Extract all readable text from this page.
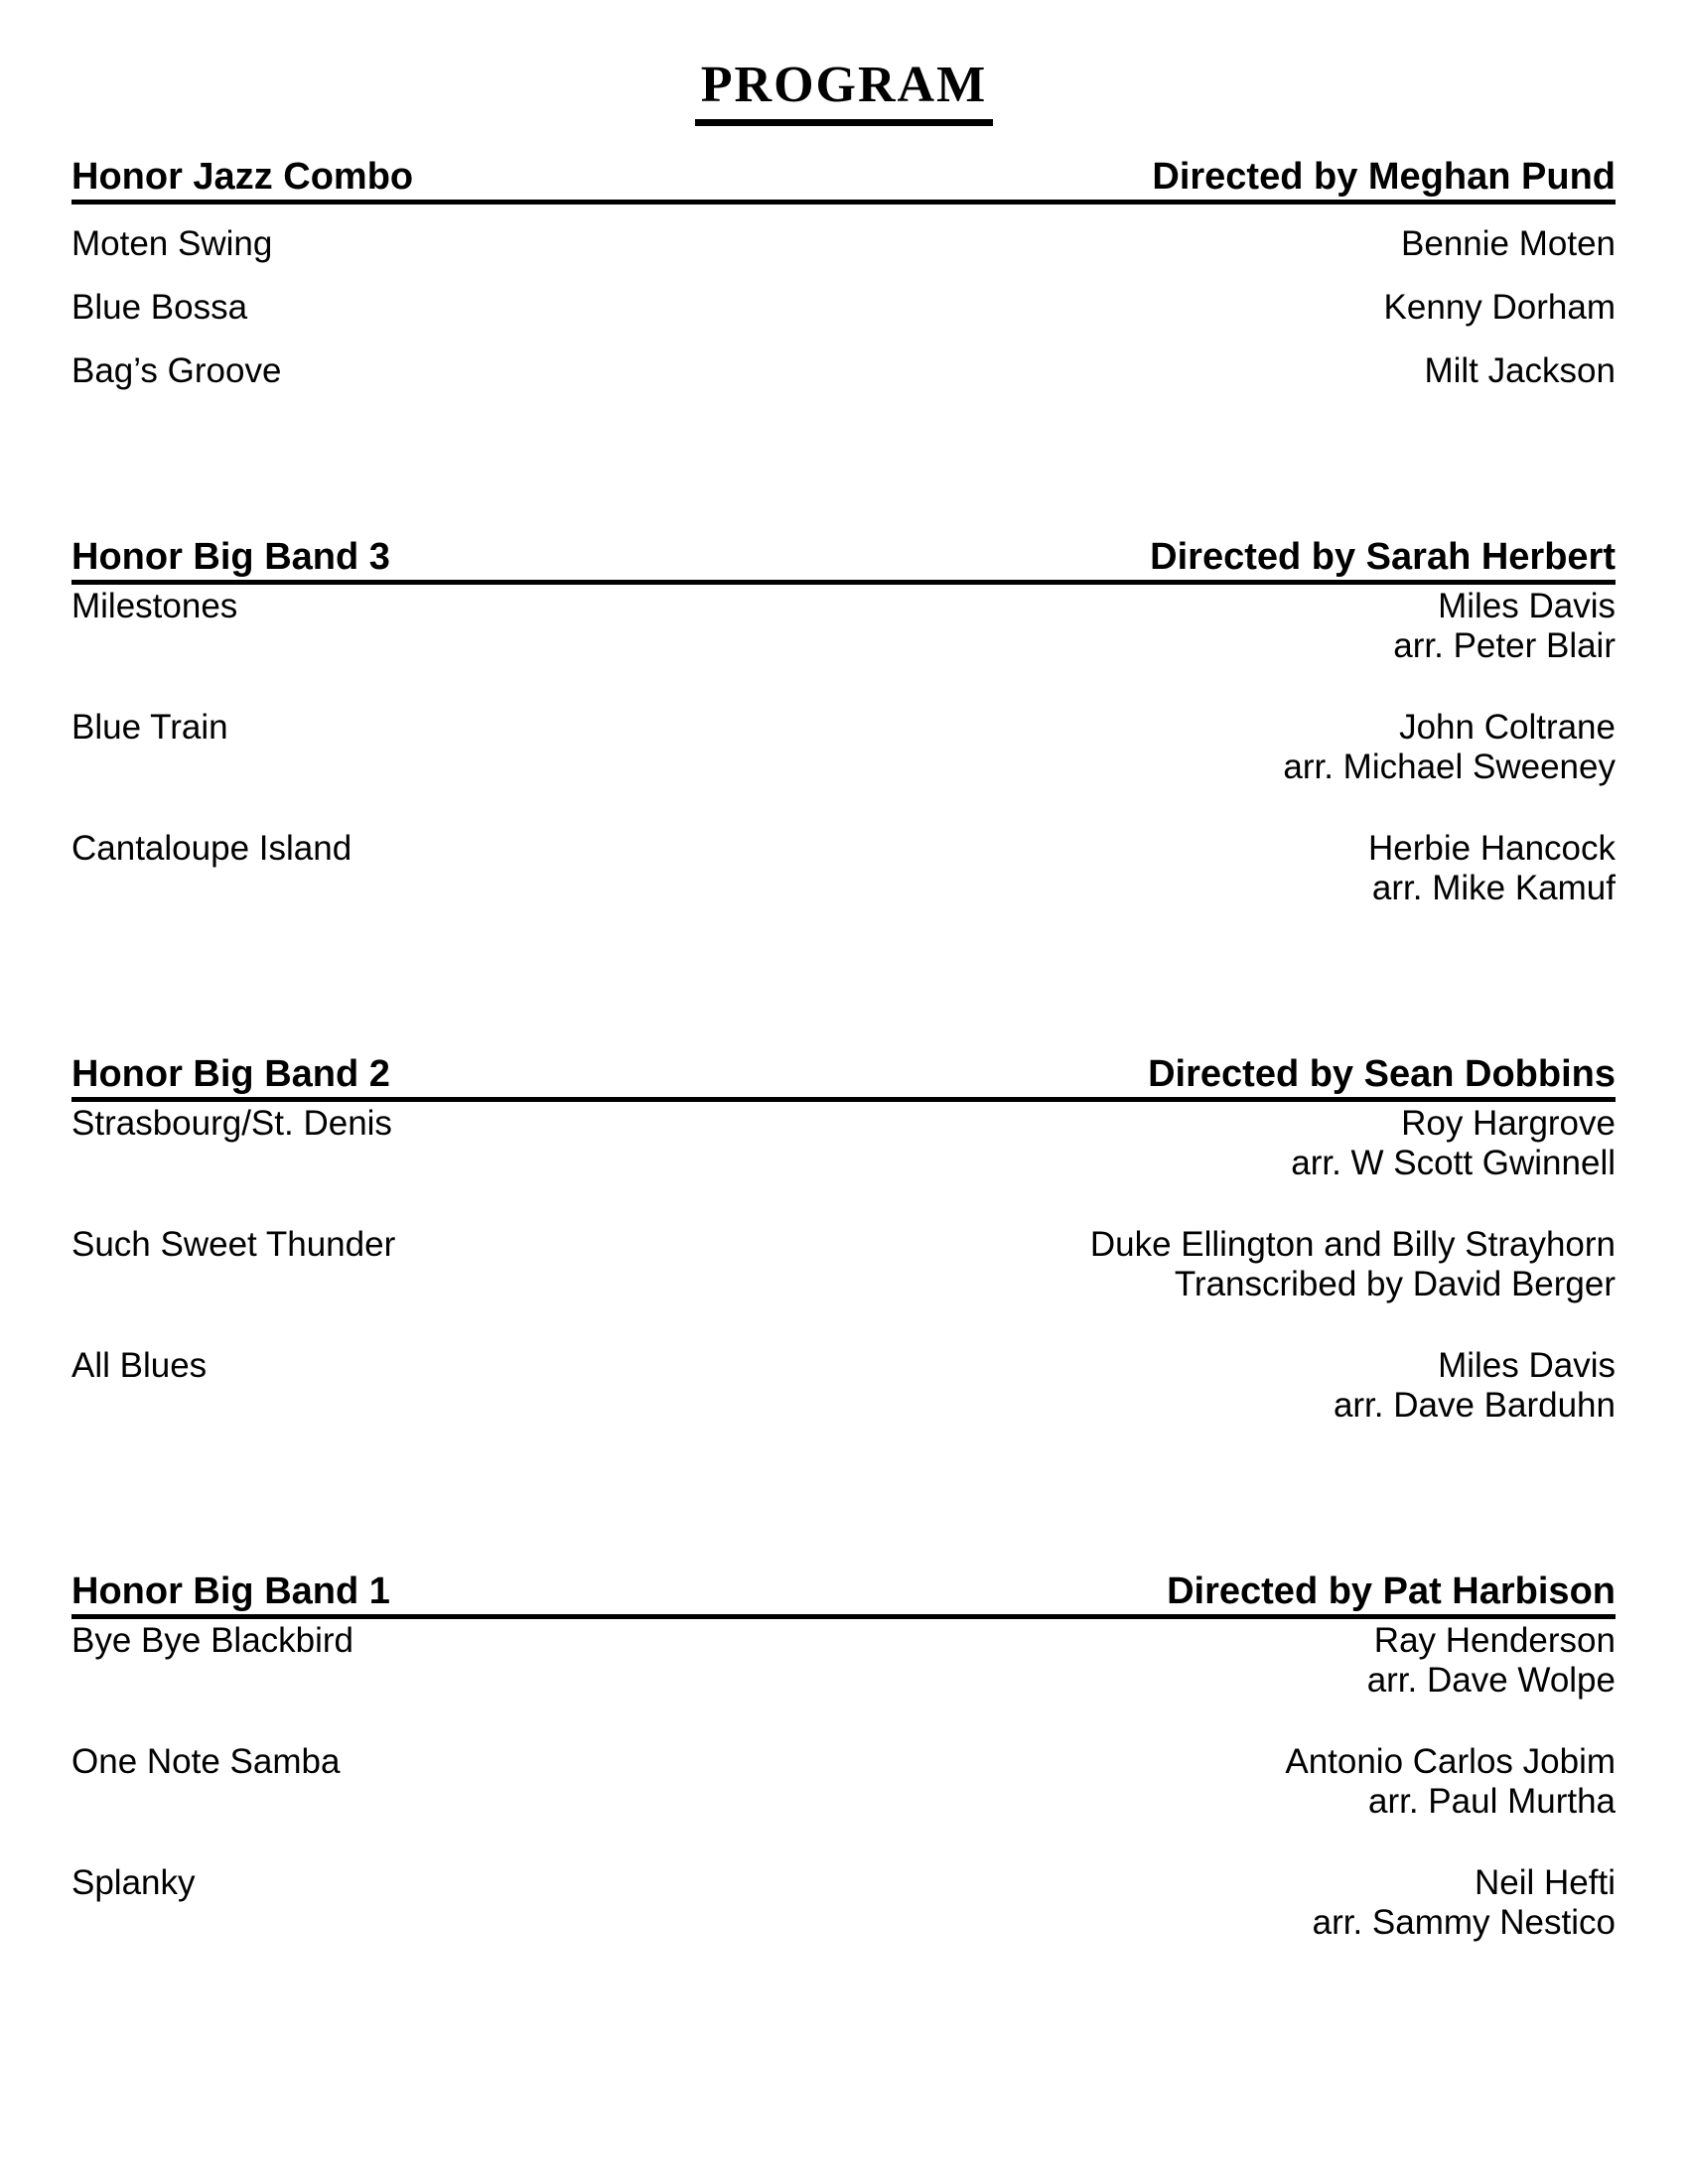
PROGRAM
Honor Jazz Combo	Directed by Meghan Pund
Moten Swing	Bennie Moten
Blue Bossa	Kenny Dorham
Bag’s Groove	Milt Jackson
Honor Big Band 3	Directed by Sarah Herbert
Milestones	Miles Davis
arr. Peter Blair
Blue Train	John Coltrane
arr. Michael Sweeney
Cantaloupe Island	Herbie Hancock
arr. Mike Kamuf
Honor Big Band 2	Directed by Sean Dobbins
Strasbourg/St. Denis	Roy Hargrove
arr. W Scott Gwinnell
Such Sweet Thunder	Duke Ellington and Billy Strayhorn
Transcribed by David Berger
All Blues	Miles Davis
arr. Dave Barduhn
Honor Big Band 1	Directed by Pat Harbison
Bye Bye Blackbird	Ray Henderson
arr. Dave Wolpe
One Note Samba	Antonio Carlos Jobim
arr. Paul Murtha
Splanky	Neil Hefti
arr. Sammy Nestico
